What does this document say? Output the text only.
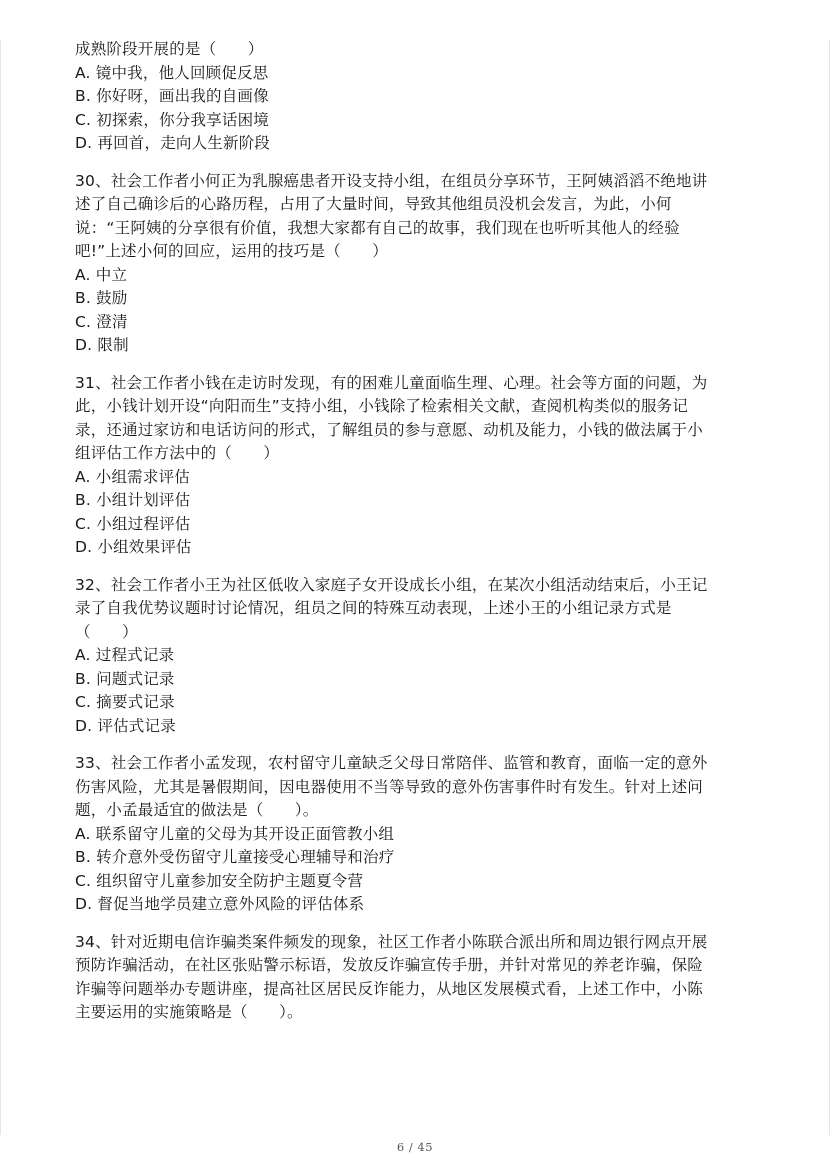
成熟阶段开展的是（　　）

A. 镜中我，他人回顾促反思
B. 你好呀，画出我的自画像
C. 初探索，你分我享话困境
D. 再回首，走向人生新阶段

30、社会工作者小何正为乳腺癌患者开设支持小组，在组员分享环节，王阿姨滔滔不绝地讲
述了自己确诊后的心路历程，占用了大量时间，导致其他组员没机会发言，为此，小何
说：“王阿姨的分享很有价值，我想大家都有自己的故事，我们现在也听听其他人的经验
吧!”上述小何的回应，运用的技巧是（　　）

A. 中立
B. 鼓励
C. 澄清
D. 限制

31、社会工作者小钱在走访时发现，有的困难儿童面临生理、心理。社会等方面的问题，为
此，小钱计划开设“向阳而生”支持小组，小钱除了检索相关文献，查阅机构类似的服务记
录，还通过家访和电话访问的形式，了解组员的参与意愿、动机及能力，小钱的做法属于小
组评估工作方法中的（　　）

A. 小组需求评估
B. 小组计划评估
C. 小组过程评估
D. 小组效果评估

32、社会工作者小王为社区低收入家庭子女开设成长小组，在某次小组活动结束后，小王记
录了自我优势议题时讨论情况，组员之间的特殊互动表现，上述小王的小组记录方式是
（　　）

A. 过程式记录
B. 问题式记录
C. 摘要式记录
D. 评估式记录

33、社会工作者小孟发现，农村留守儿童缺乏父母日常陪伴、监管和教育，面临一定的意外
伤害风险，尤其是暑假期间，因电器使用不当等导致的意外伤害事件时有发生。针对上述问
题，小孟最适宜的做法是（　　）。

A. 联系留守儿童的父母为其开设正面管教小组
B. 转介意外受伤留守儿童接受心理辅导和治疗
C. 组织留守儿童参加安全防护主题夏令营
D. 督促当地学员建立意外风险的评估体系

34、针对近期电信诈骗类案件频发的现象，社区工作者小陈联合派出所和周边银行网点开展
预防诈骗活动，在社区张贴警示标语，发放反诈骗宣传手册，并针对常见的养老诈骗，保险
诈骗等问题举办专题讲座，提高社区居民反诈能力，从地区发展模式看，上述工作中，小陈
主要运用的实施策略是（　　）。

6 / 45
